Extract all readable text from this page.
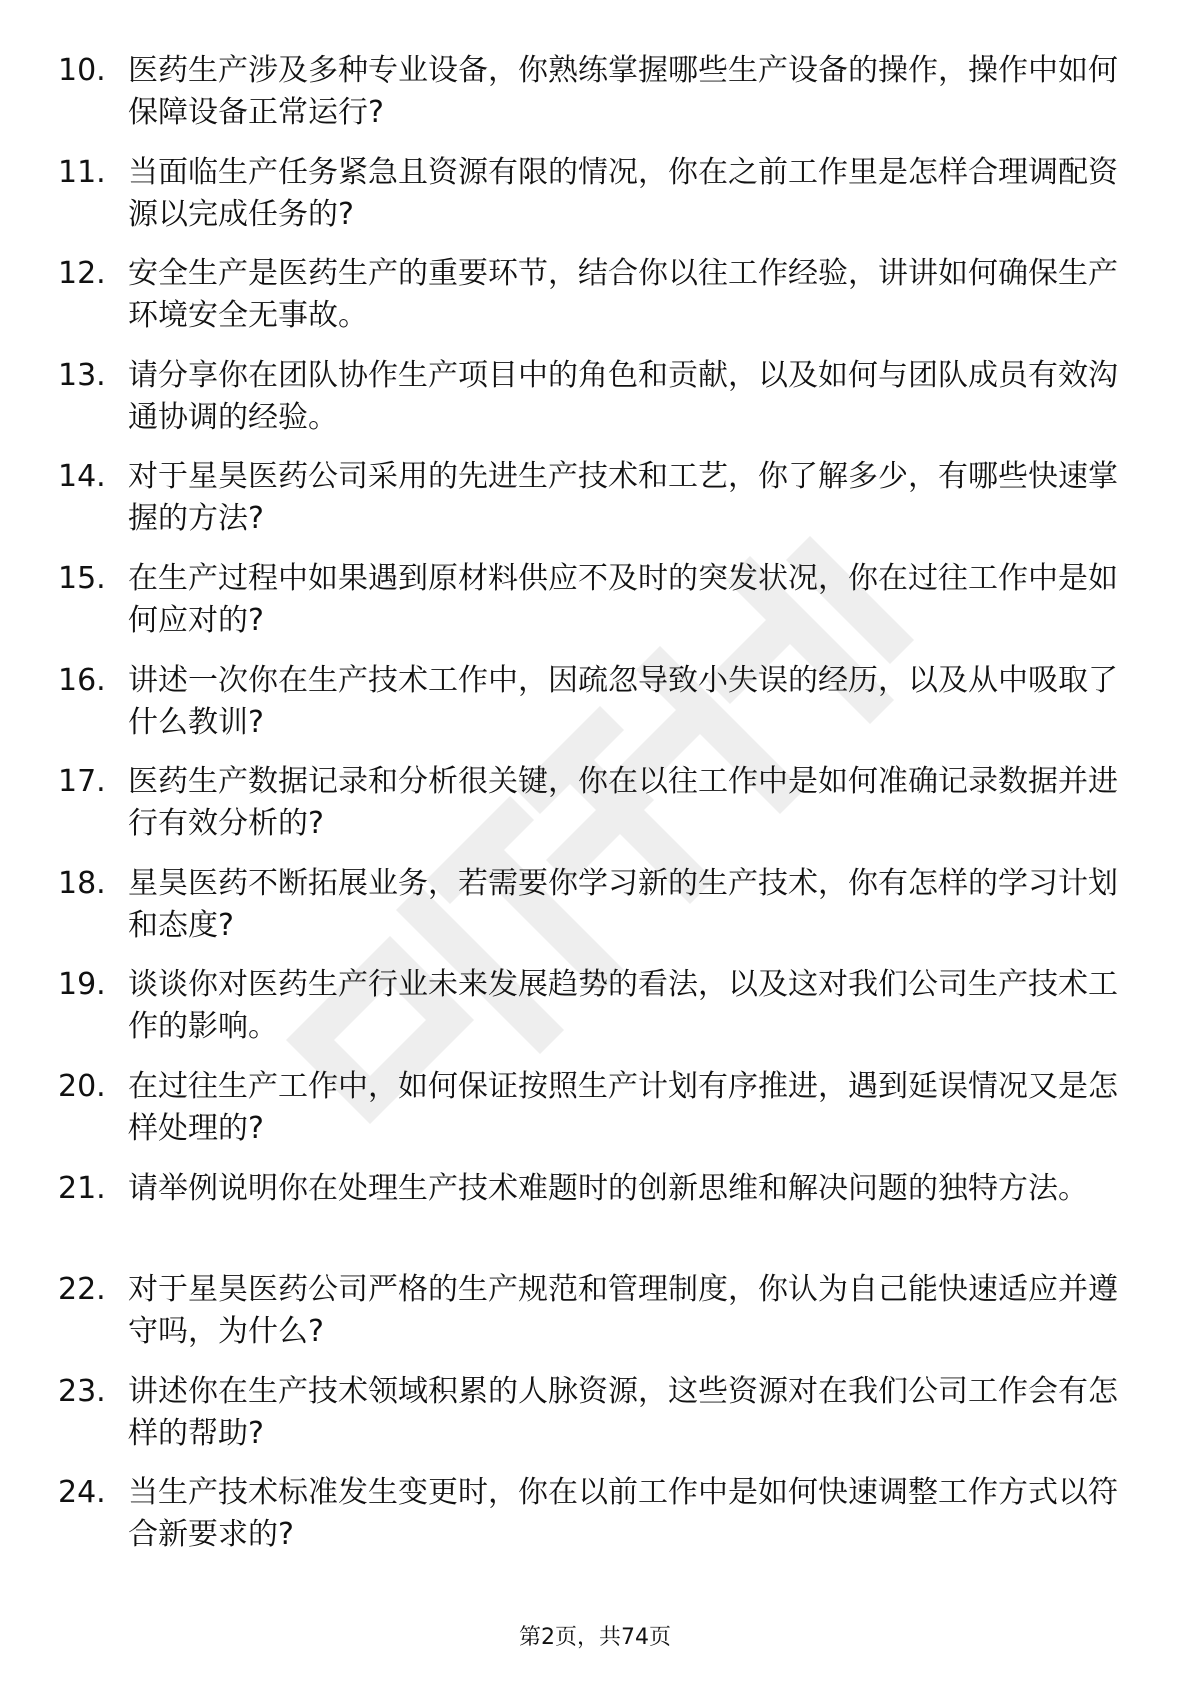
10. 医药生产涉及多种专业设备，你熟练掌握哪些生产设备的操作，操作中如何保障设备正常运行?
11. 当面临生产任务紧急且资源有限的情况，你在之前工作里是怎样合理调配资源以完成任务的?
12. 安全生产是医药生产的重要环节，结合你以往工作经验，讲讲如何确保生产环境安全无事故。
13. 请分享你在团队协作生产项目中的角色和贡献，以及如何与团队成员有效沟通协调的经验。
14. 对于星昊医药公司采用的先进生产技术和工艺，你了解多少，有哪些快速掌握的方法?
15. 在生产过程中如果遇到原材料供应不及时的突发状况，你在过往工作中是如何应对的?
16. 讲述一次你在生产技术工作中，因疏忽导致小失误的经历，以及从中吸取了什么教训?
17. 医药生产数据记录和分析很关键，你在以往工作中是如何准确记录数据并进行有效分析的?
18. 星昊医药不断拓展业务，若需要你学习新的生产技术，你有怎样的学习计划和态度?
19. 谈谈你对医药生产行业未来发展趋势的看法，以及这对我们公司生产技术工作的影响。
20. 在过往生产工作中，如何保证按照生产计划有序推进，遇到延误情况又是怎样处理的?
21. 请举例说明你在处理生产技术难题时的创新思维和解决问题的独特方法。
22. 对于星昊医药公司严格的生产规范和管理制度，你认为自己能快速适应并遵守吗，为什么?
23. 讲述你在生产技术领域积累的人脉资源，这些资源对在我们公司工作会有怎样的帮助?
24. 当生产技术标准发生变更时，你在以前工作中是如何快速调整工作方式以符合新要求的?
第2页，共74页
